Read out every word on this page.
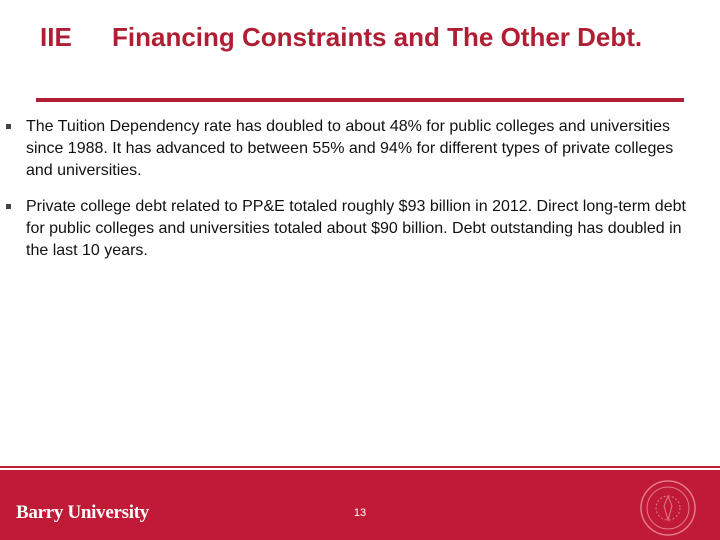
IIE Financing Constraints and The Other Debt.
The Tuition Dependency rate has doubled to about 48% for public colleges and universities since 1988. It has advanced to between 55% and 94% for different types of private colleges and universities.
Private college debt related to PP&E totaled roughly $93 billion in 2012. Direct long-term debt for public colleges and universities totaled about $90 billion. Debt outstanding has doubled in the last 10 years.
Barry University	13
